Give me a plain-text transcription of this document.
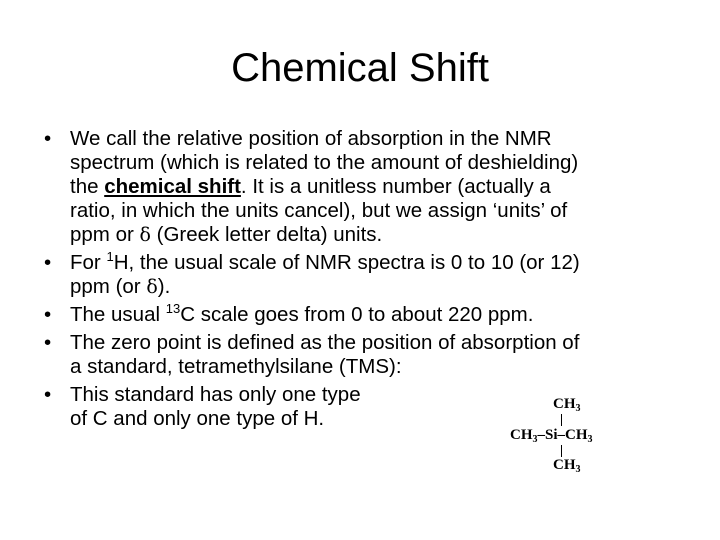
Chemical Shift
• We call the relative position of absorption in the NMR
spectrum (which is related to the amount of deshielding)
the chemical shift. It is a unitless number (actually a
ratio, in which the units cancel), but we assign ‘units’ of
ppm or δ (Greek letter delta) units.
• For $^1$H, the usual scale of NMR spectra is 0 to 10 (or 12)
ppm (or δ).
• The usual $^{13}$C scale goes from 0 to about 220 ppm.
• The zero point is defined as the position of absorption of
a standard, tetramethylsilane (TMS):
• This standard has only one type
of C and only one type of H.
$CH_3$
$CH_3-Si-CH_3$
$CH_3$
